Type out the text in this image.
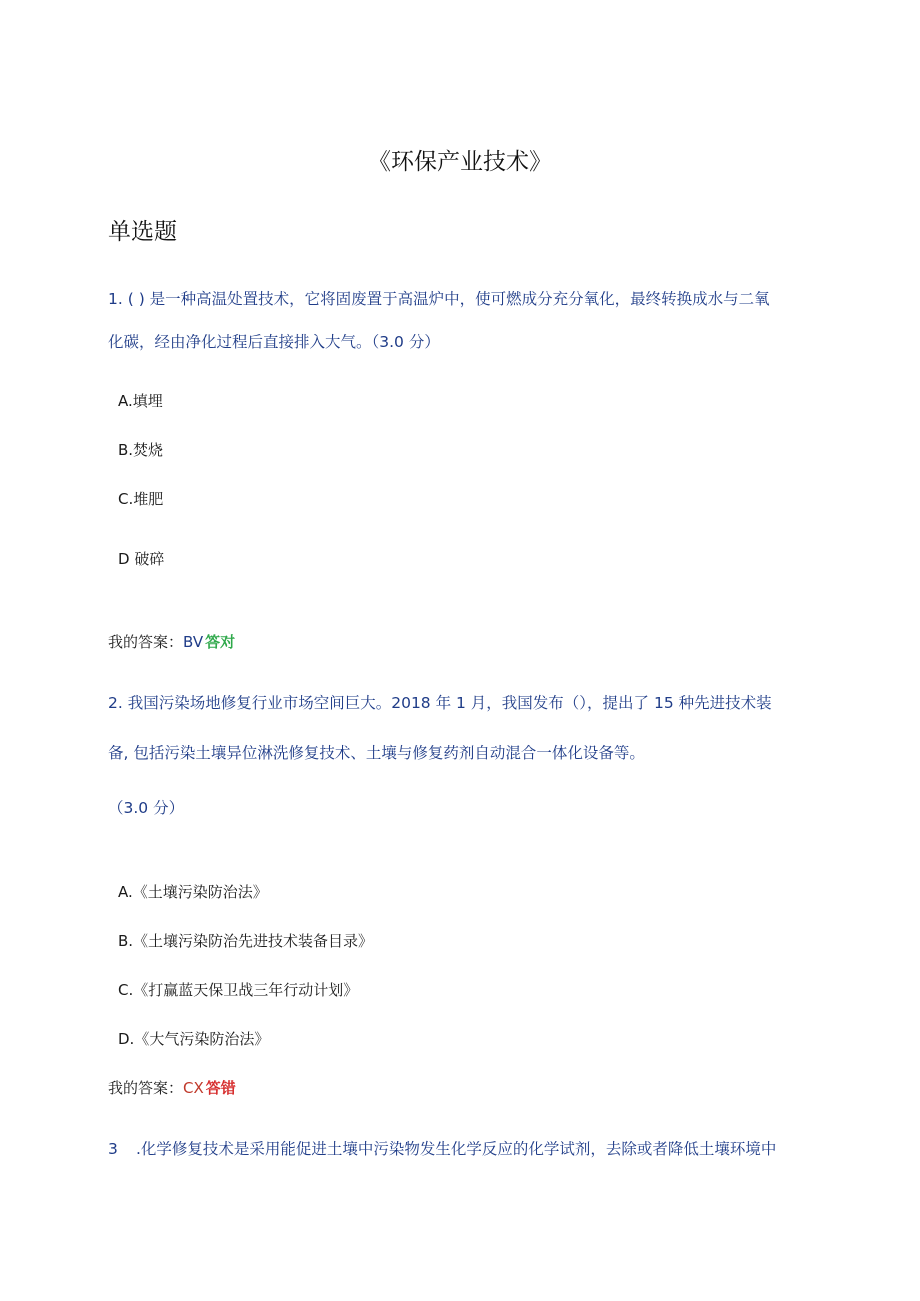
《环保产业技术》
单选题
1. ( ) 是一种高温处置技术，它将固废置于高温炉中，使可燃成分充分氧化，最终转换成水与二氧
化碳，经由净化过程后直接排入大气。（3.0 分）
A.填埋
B.焚烧
C.堆肥
D 破碎
我的答案：BV 答对
2. 我国污染场地修复行业市场空间巨大。2018 年 1 月，我国发布（），提出了 15 种先进技术装
备, 包括污染土壤异位淋洗修复技术、土壤与修复药剂自动混合一体化设备等。
（3.0 分）
A.《土壤污染防治法》
B.《土壤污染防治先进技术装备目录》
C.《打赢蓝天保卫战三年行动计划》
D.《大气污染防治法》
我的答案：CX 答错
3 .化学修复技术是采用能促进土壤中污染物发生化学反应的化学试剂，去除或者降低土壤环境中
